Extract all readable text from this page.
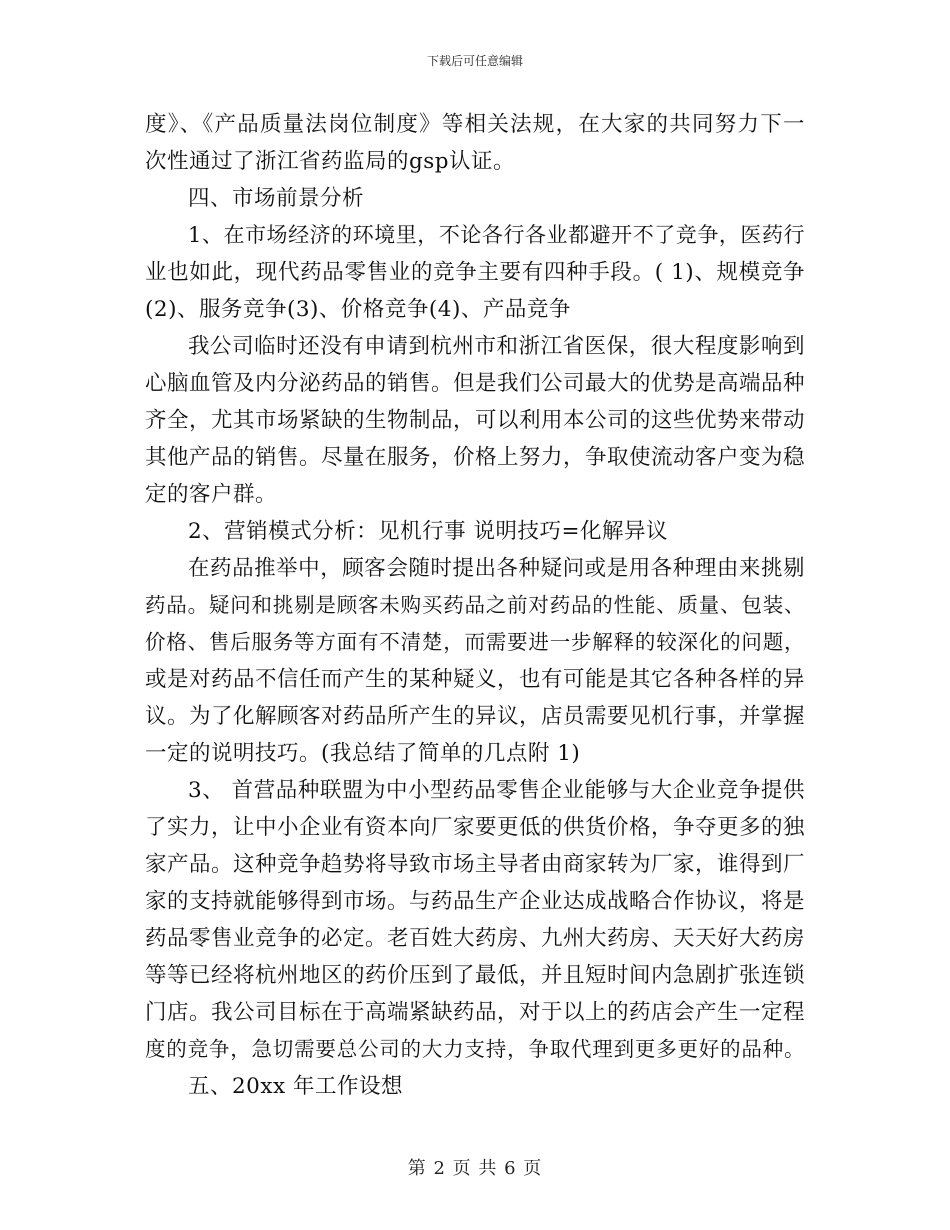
下载后可任意编辑
度》、《产品质量法岗位制度》等相关法规，在大家的共同努力下一
次性通过了浙江省药监局的gsp认证。
四、市场前景分析
1、在市场经济的环境里，不论各行各业都避开不了竞争，医药行
业也如此，现代药品零售业的竞争主要有四种手段。( 1)、规模竞争
(2)、服务竞争(3)、价格竞争(4)、产品竞争
我公司临时还没有申请到杭州市和浙江省医保，很大程度影响到
心脑血管及内分泌药品的销售。但是我们公司最大的优势是高端品种
齐全，尤其市场紧缺的生物制品，可以利用本公司的这些优势来带动
其他产品的销售。尽量在服务，价格上努力，争取使流动客户变为稳
定的客户群。
2、营销模式分析：见机行事 说明技巧=化解异议
在药品推举中，顾客会随时提出各种疑问或是用各种理由来挑剔
药品。疑问和挑剔是顾客未购买药品之前对药品的性能、质量、包装、
价格、售后服务等方面有不清楚，而需要进一步解释的较深化的问题，
或是对药品不信任而产生的某种疑义，也有可能是其它各种各样的异
议。为了化解顾客对药品所产生的异议，店员需要见机行事，并掌握
一定的说明技巧。(我总结了简单的几点附 1)
3、 首营品种联盟为中小型药品零售企业能够与大企业竞争提供
了实力，让中小企业有资本向厂家要更低的供货价格，争夺更多的独
家产品。这种竞争趋势将导致市场主导者由商家转为厂家，谁得到厂
家的支持就能够得到市场。与药品生产企业达成战略合作协议，将是
药品零售业竞争的必定。老百姓大药房、九州大药房、天天好大药房
等等已经将杭州地区的药价压到了最低，并且短时间内急剧扩张连锁
门店。我公司目标在于高端紧缺药品，对于以上的药店会产生一定程
度的竞争，急切需要总公司的大力支持，争取代理到更多更好的品种。
五、20xx 年工作设想
第 2 页 共 6 页
